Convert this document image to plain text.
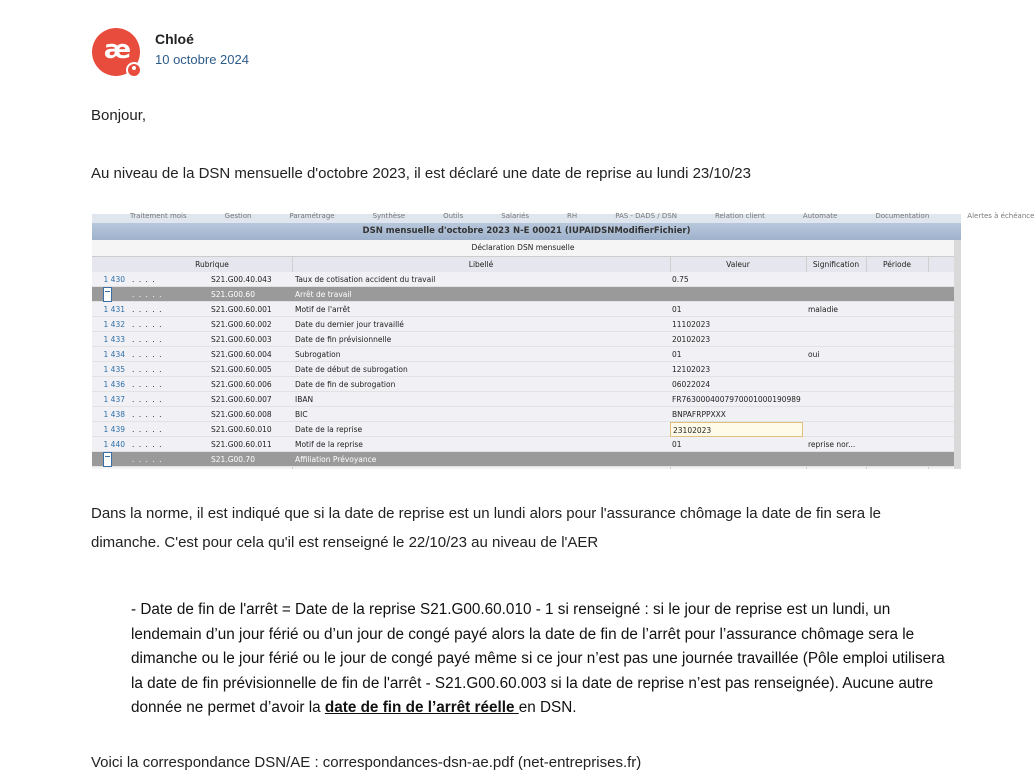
æ Chloé
10 octobre 2024
Bonjour,
Au niveau de la DSN mensuelle d'octobre 2023, il est déclaré une date de reprise au lundi 23/10/23
Traitement mois	Gestion	Paramétrage	Synthèse	Outils	Salariés	RH	PAS - DADS / DSN	Relation client	Automate	Documentation	Alertes à échéance
DSN mensuelle d'octobre 2023 N-E 00021 (IUPAIDSNModifierFichier)
Déclaration DSN mensuelle
Rubrique	Libellé	Valeur	Signification	Période
1 430 . . . .	S21.G00.40.043	Taux de cotisation accident du travail	0.75
. . . . .	S21.G00.60	Arrêt de travail
1 431 . . . . .	S21.G00.60.001	Motif de l'arrêt	01	maladie
1 432 . . . . .	S21.G00.60.002	Date du dernier jour travaillé	11102023
1 433 . . . . .	S21.G00.60.003	Date de fin prévisionnelle	20102023
1 434 . . . . .	S21.G00.60.004	Subrogation	01	oui
1 435 . . . . .	S21.G00.60.005	Date de début de subrogation	12102023
1 436 . . . . .	S21.G00.60.006	Date de fin de subrogation	06022024
1 437 . . . . .	S21.G00.60.007	IBAN	FR7630004007970001000190989
1 438 . . . . .	S21.G00.60.008	BIC	BNPAFRPPXXX
1 439 . . . . .	S21.G00.60.010	Date de la reprise	23102023
1 440 . . . . .	S21.G00.60.011	Motif de la reprise	01	reprise nor...
. . . . .	S21.G00.70	Affiliation Prévoyance
Dans la norme, il est indiqué que si la date de reprise est un lundi alors pour l'assurance chômage la date de fin sera le dimanche. C'est pour cela qu'il est renseigné le 22/10/23 au niveau de l'AER
- Date de fin de l'arrêt = Date de la reprise S21.G00.60.010 - 1 si renseigné : si le jour de reprise est un lundi, un lendemain d’un jour férié ou d’un jour de congé payé alors la date de fin de l’arrêt pour l’assurance chômage sera le dimanche ou le jour férié ou le jour de congé payé même si ce jour n’est pas une journée travaillée (Pôle emploi utilisera la date de fin prévisionnelle de fin de l'arrêt - S21.G00.60.003 si la date de reprise n’est pas renseignée). Aucune autre donnée ne permet d’avoir la date de fin de l’arrêt réelle en DSN.
Voici la correspondance DSN/AE : correspondances-dsn-ae.pdf (net-entreprises.fr)
